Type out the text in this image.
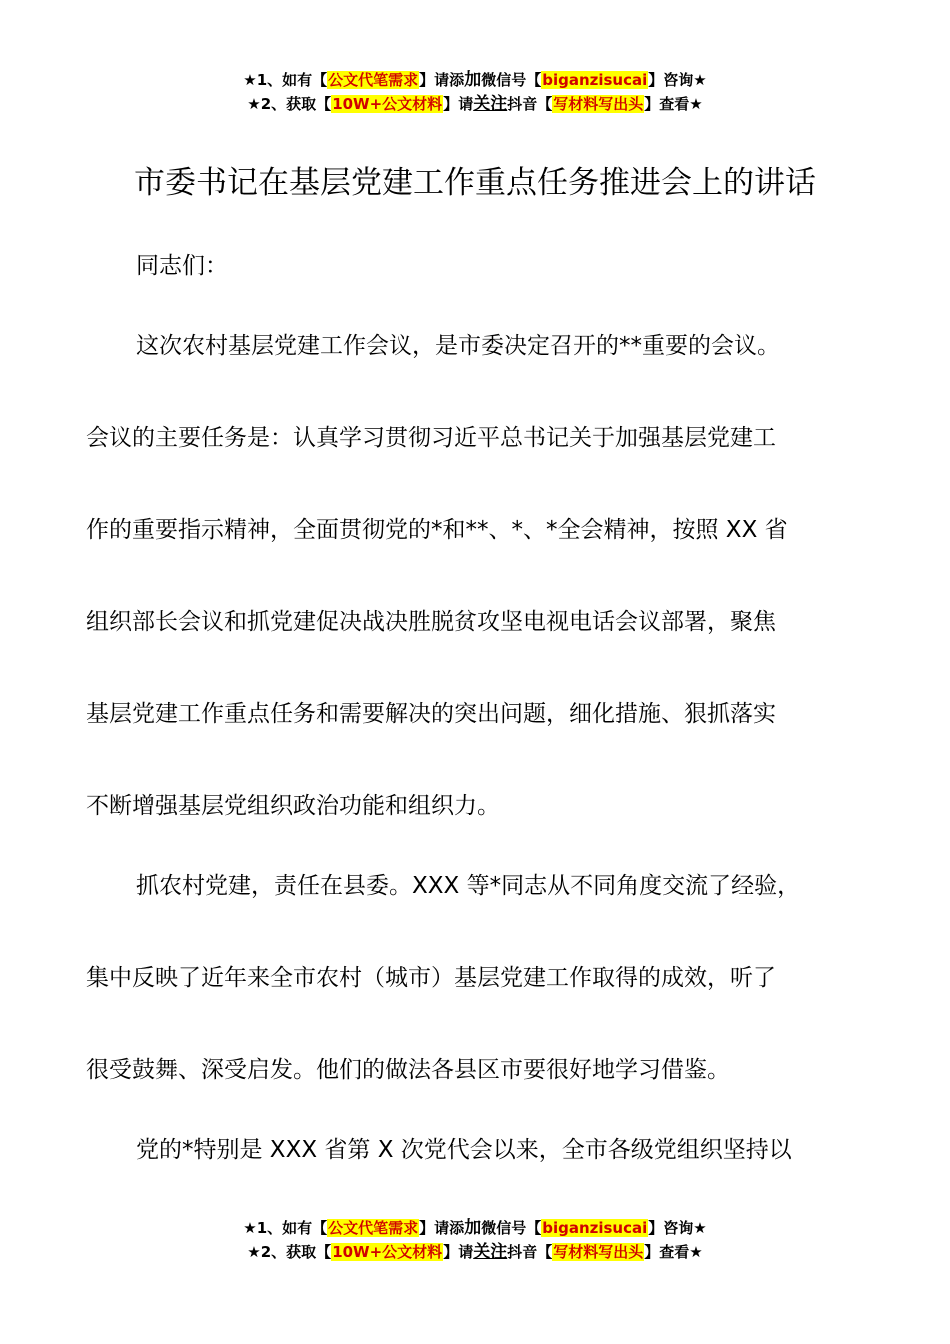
★1、如有【公文代笔需求】请添加微信号【biganzisucai】咨询★
★2、获取【10W+公文材料】请关注抖音【写材料写出头】查看★
市委书记在基层党建工作重点任务推进会上的讲话
同志们：
这次农村基层党建工作会议，是市委决定召开的**重要的会议。
会议的主要任务是：认真学习贯彻习近平总书记关于加强基层党建工
作的重要指示精神，全面贯彻党的*和**、*、*全会精神，按照 XX 省
组织部长会议和抓党建促决战决胜脱贫攻坚电视电话会议部署，聚焦
基层党建工作重点任务和需要解决的突出问题，细化措施、狠抓落实
不断增强基层党组织政治功能和组织力。
抓农村党建，责任在县委。XXX 等*同志从不同角度交流了经验，
集中反映了近年来全市农村（城市）基层党建工作取得的成效，听了
很受鼓舞、深受启发。他们的做法各县区市要很好地学习借鉴。
党的*特别是 XXX 省第 X 次党代会以来，全市各级党组织坚持以
★1、如有【公文代笔需求】请添加微信号【biganzisucai】咨询★
★2、获取【10W+公文材料】请关注抖音【写材料写出头】查看★
